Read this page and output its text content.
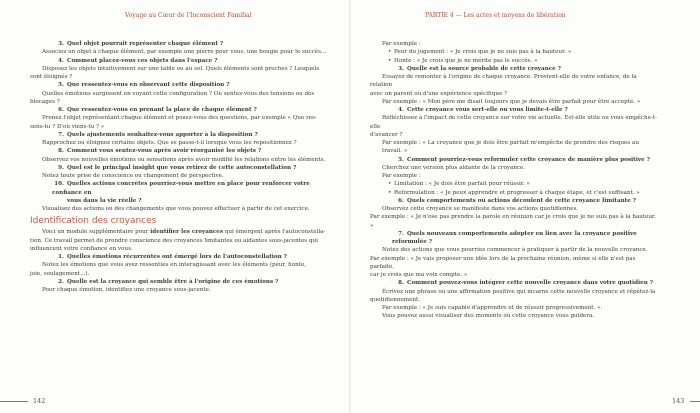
Voyage au Cœur de l'Inconscient Familial

3. Quel objet pourrait représenter chaque élément ?

Associez un objet à chaque élément, par exemple une pierre pour vous, une bougie pour le succès...

4. Comment placez-vous ces objets dans l'espace ?

Disposez les objets intuitivement sur une table ou au sol. Quels éléments sont proches ? Lesquels

sont éloignés ?

5. Que ressentez-vous en observant cette disposition ?

Quelles émotions surgissent en voyant cette configuration ? Où sentez-vous des tensions ou des

blocages ?

6. Que ressentez-vous en prenant la place de chaque élément ?

Prenez l'objet représentant chaque élément et posez-vous des questions, par exemple « Que res-

sens-tu ? D'où viens-tu ? »

7. Quels ajustements souhaitez-vous apporter à la disposition ?

Rapprochez ou éloignez certains objets. Que se passe-t-il lorsque vous les repositionnez ?

8. Comment vous sentez-vous après avoir réorganisé les objets ?

Observez vos nouvelles émotions ou sensations après avoir modifié les relations entre les éléments.

9. Quel est le principal insight que vous retirez de cette autoconstellation ?

Notez toute prise de conscience ou changement de perspective.

10. Quelles actions concrètes pourriez-vous mettre en place pour renforcer votre confiance en

vous dans la vie réelle ?

Visualisez des actions ou des changements que vous pouvez effectuer à partir de cet exercice.

Identification des croyances

Voici un module supplémentaire pour identifier les croyances qui émergent après l'autoconstella-

tion. Ce travail permet de prendre conscience des croyances limitantes ou aidantes sous-jacentes qui

influencent votre confiance en vous.

1. Quelles émotions récurrentes ont émergé lors de l'autoconstellation ?

Notez les émotions que vous avez ressenties en interagissant avec les éléments (peur, honte,

joie, soulagement...).

2. Quelle est la croyance qui semble être à l'origine de ces émotions ?

Pour chaque émotion, identifiez une croyance sous-jacente.

142
PARTIE 4 — Les actes et moyens de libération

Par exemple :

• Peur du jugement : « Je crois que je ne suis pas à la hauteur. »

• Honte : « Je crois que je ne mérite pas le succès. »

3. Quelle est la source probable de cette croyance ?

Essayez de remonter à l'origine de chaque croyance. Provient-elle de votre enfance, de la relation

avec un parent ou d'une expérience spécifique ?

Par exemple : « Mon père me disait toujours que je devais être parfait pour être accepté. »

4. Cette croyance vous sert-elle ou vous limite-t-elle ?

Réfléchissez à l'impact de cette croyance sur votre vie actuelle. Est-elle utile ou vous empêche-t-elle

d'avancer ?

Par exemple : « La croyance que je dois être parfait m'empêche de prendre des risques au travail. »

5. Comment pourriez-vous reformuler cette croyance de manière plus positive ?

Cherchez une version plus aidante de la croyance.

Par exemple :

• Limitation : « Je dois être parfait pour réussir. »

• Reformulation : « Je peux apprendre et progresser à chaque étape, et c'est suffisant. »

6. Quels comportements ou actions découlent de cette croyance limitante ?

Observez cette croyance se manifeste dans vos actions quotidiennes.

Par exemple : « Je n'ose pas prendre la parole en réunion car je crois que je ne suis pas à la hauteur. »

7. Quels nouveaux comportements adopter en lien avec la croyance positive reformulée ?

Notez des actions que vous pourriez commencer à pratiquer à partir de la nouvelle croyance.

Par exemple : « Je vais proposer une idée lors de la prochaine réunion, même si elle n'est pas parfaite,

car je crois que ma voix compte. »

8. Comment pouvez-vous intégrer cette nouvelle croyance dans votre quotidien ?

Écrivez une phrase ou une affirmation positive qui incarne cette nouvelle croyance et répétez-la

quotidiennement.

Par exemple : « Je suis capable d'apprendre et de réussir progressivement. ».

Vous pouvez aussi visualiser des moments où cette croyance vous guidera.

143
